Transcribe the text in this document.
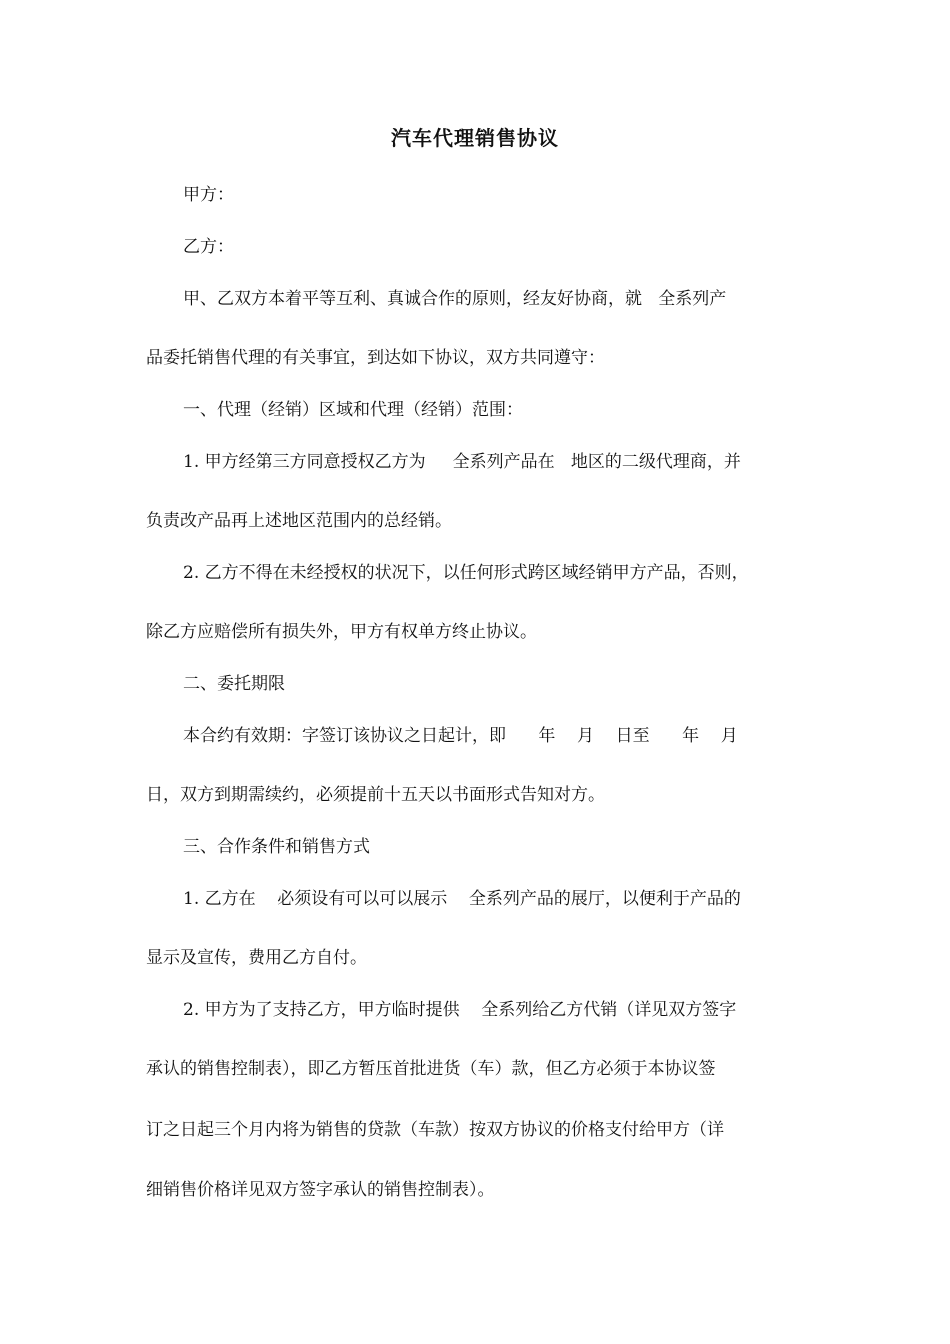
汽车代理销售协议
甲方：
乙方：
甲、乙双方本着平等互利、真诚合作的原则，经友好协商，就   全系列产
品委托销售代理的有关事宜，到达如下协议，双方共同遵守：
一、代理（经销）区域和代理（经销）范围：
1. 甲方经第三方同意授权乙方为     全系列产品在   地区的二级代理商，并
负责改产品再上述地区范围内的总经销。
2. 乙方不得在未经授权的状况下，以任何形式跨区域经销甲方产品，否则，
除乙方应赔偿所有损失外，甲方有权单方终止协议。
二、委托期限
本合约有效期：字签订该协议之日起计，即      年    月    日至      年    月
日，双方到期需续约，必须提前十五天以书面形式告知对方。
三、合作条件和销售方式
1. 乙方在    必须设有可以可以展示    全系列产品的展厅，以便利于产品的
显示及宣传，费用乙方自付。
2. 甲方为了支持乙方，甲方临时提供    全系列给乙方代销（详见双方签字
承认的销售控制表），即乙方暂压首批进货（车）款，但乙方必须于本协议签
订之日起三个月内将为销售的贷款（车款）按双方协议的价格支付给甲方（详
细销售价格详见双方签字承认的销售控制表）。
